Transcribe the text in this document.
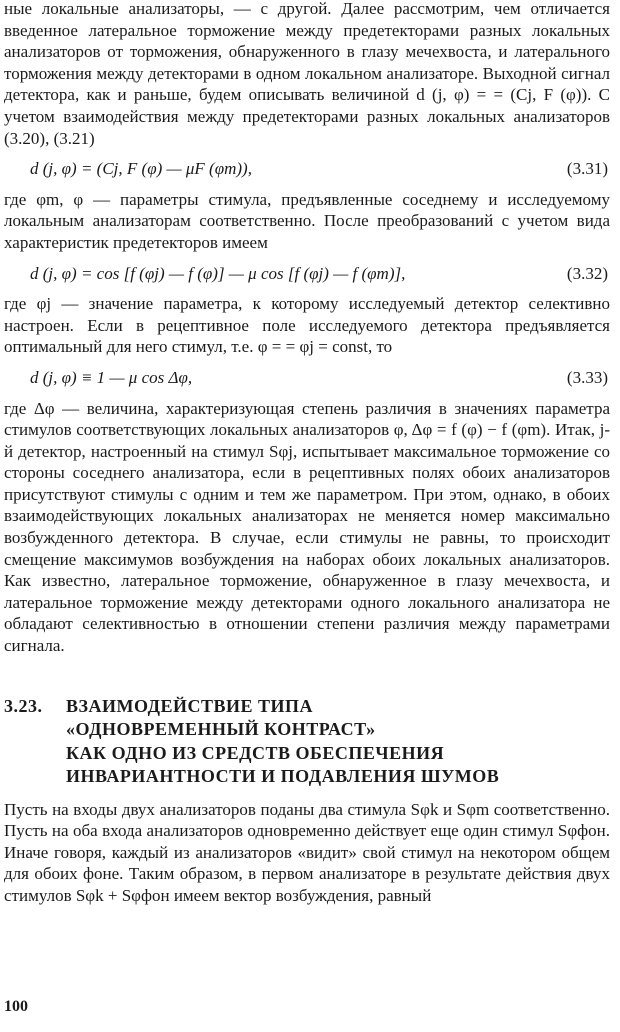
ные локальные анализаторы, — с другой. Далее рассмотрим, чем отличается введенное латеральное торможение между предетекторами разных локальных анализаторов от торможения, обнаруженного в глазу мечехвоста, и латерального торможения между детекторами в одном локальном анализаторе. Выходной сигнал детектора, как и раньше, будем описывать величиной d (j, φ) = = (Cj, F (φ)). С учетом взаимодействия между предетекторами разных локальных анализаторов (3.20), (3.21)

d (j, φ) = (Cj, F (φ) — μF (φm)),	(3.31)

где φm, φ — параметры стимула, предъявленные соседнему и исследуемому локальным анализаторам соответственно. После преобразований с учетом вида характеристик предетекторов имеем

d (j, φ) = cos [f (φj) — f (φ)] — μ cos [f (φj) — f (φm)],	(3.32)

где φj — значение параметра, к которому исследуемый детектор селективно настроен. Если в рецептивное поле исследуемого детектора предъявляется оптимальный для него стимул, т.е. φ = = φj = const, то

d (j, φ) ≡ 1 — μ cos Δφ,	(3.33)

где Δφ — величина, характеризующая степень различия в значениях параметра стимулов соответствующих локальных анализаторов φ, Δφ = f (φ) − f (φm). Итак, j-й детектор, настроенный на стимул Sφj, испытывает максимальное торможение со стороны соседнего анализатора, если в рецептивных полях обоих анализаторов присутствуют стимулы с одним и тем же параметром. При этом, однако, в обоих взаимодействующих локальных анализаторах не меняется номер максимально возбужденного детектора. В случае, если стимулы не равны, то происходит смещение максимумов возбуждения на наборах обоих локальных анализаторов. Как известно, латеральное торможение, обнаруженное в глазу мечехвоста, и латеральное торможение между детекторами одного локального анализатора не обладают селективностью в отношении степени различия между параметрами сигнала.

3.23.	ВЗАИМОДЕЙСТВИЕ ТИПА
«ОДНОВРЕМЕННЫЙ КОНТРАСТ»
КАК ОДНО ИЗ СРЕДСТВ ОБЕСПЕЧЕНИЯ
ИНВАРИАНТНОСТИ И ПОДАВЛЕНИЯ ШУМОВ

Пусть на входы двух анализаторов поданы два стимула Sφk и Sφm соответственно. Пусть на оба входа анализаторов одновременно действует еще один стимул Sφфон. Иначе говоря, каждый из анализаторов «видит» свой стимул на некотором общем для обоих фоне. Таким образом, в первом анализаторе в результате действия двух стимулов Sφk + Sφфон имеем вектор возбуждения, равный

100
